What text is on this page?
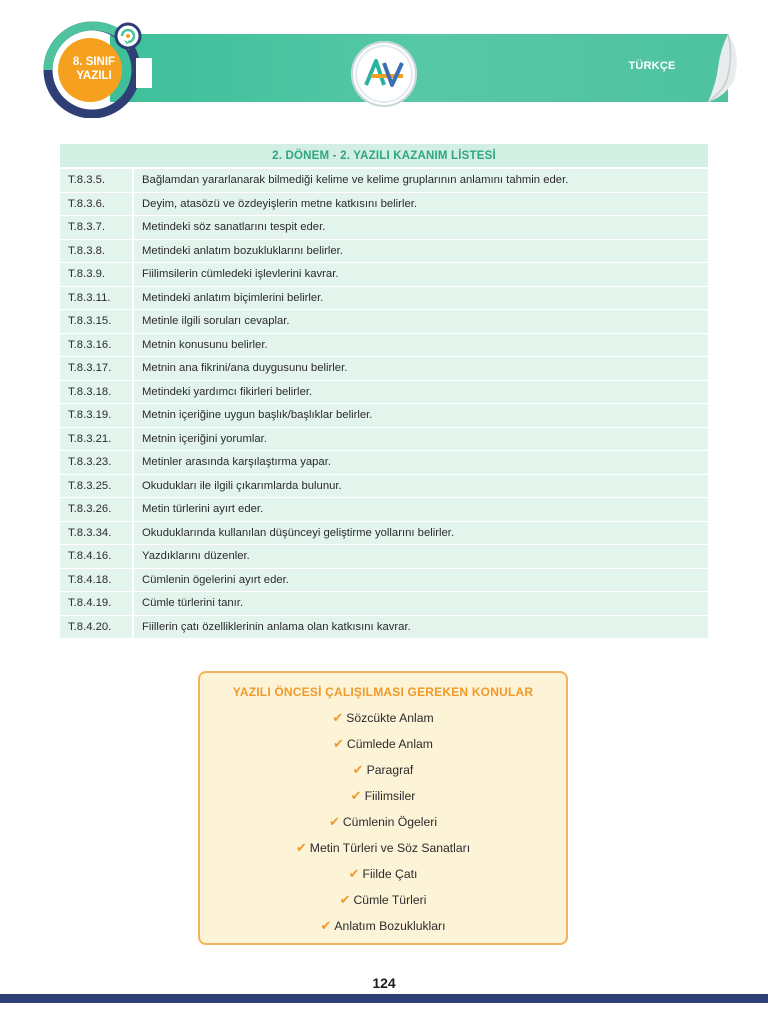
TÜRKÇE
8. SINIF
YAZILI
2. DÖNEM - 2. YAZILI KAZANIM LİSTESİ	
T.8.3.5.	Bağlamdan yararlanarak bilmediği kelime ve kelime gruplarının anlamını tahmin eder.
T.8.3.6.	Deyim, atasözü ve özdeyişlerin metne katkısını belirler.
T.8.3.7.	Metindeki söz sanatlarını tespit eder.
T.8.3.8.	Metindeki anlatım bozukluklarını belirler.
T.8.3.9.	Fiilimsilerin cümledeki işlevlerini kavrar.
T.8.3.11.	Metindeki anlatım biçimlerini belirler.
T.8.3.15.	Metinle ilgili soruları cevaplar.
T.8.3.16.	Metnin konusunu belirler.
T.8.3.17.	Metnin ana fikrini/ana duygusunu belirler.
T.8.3.18.	Metindeki yardımcı fikirleri belirler.
T.8.3.19.	Metnin içeriğine uygun başlık/başlıklar belirler.
T.8.3.21.	Metnin içeriğini yorumlar.
T.8.3.23.	Metinler arasında karşılaştırma yapar.
T.8.3.25.	Okudukları ile ilgili çıkarımlarda bulunur.
T.8.3.26.	Metin türlerini ayırt eder.
T.8.3.34.	Okuduklarında kullanılan düşünceyi geliştirme yollarını belirler.
T.8.4.16.	Yazdıklarını düzenler.
T.8.4.18.	Cümlenin ögelerini ayırt eder.
T.8.4.19.	Cümle türlerini tanır.
T.8.4.20.	Fiillerin çatı özelliklerinin anlama olan katkısını kavrar.
YAZILI ÖNCESİ ÇALIŞILMASI GEREKEN KONULAR
✔ Sözcükte Anlam
✔ Cümlede Anlam
✔ Paragraf
✔ Fiilimsiler
✔ Cümlenin Ögeleri
✔ Metin Türleri ve Söz Sanatları
✔ Fiilde Çatı
✔ Cümle Türleri
✔ Anlatım Bozuklukları
124
